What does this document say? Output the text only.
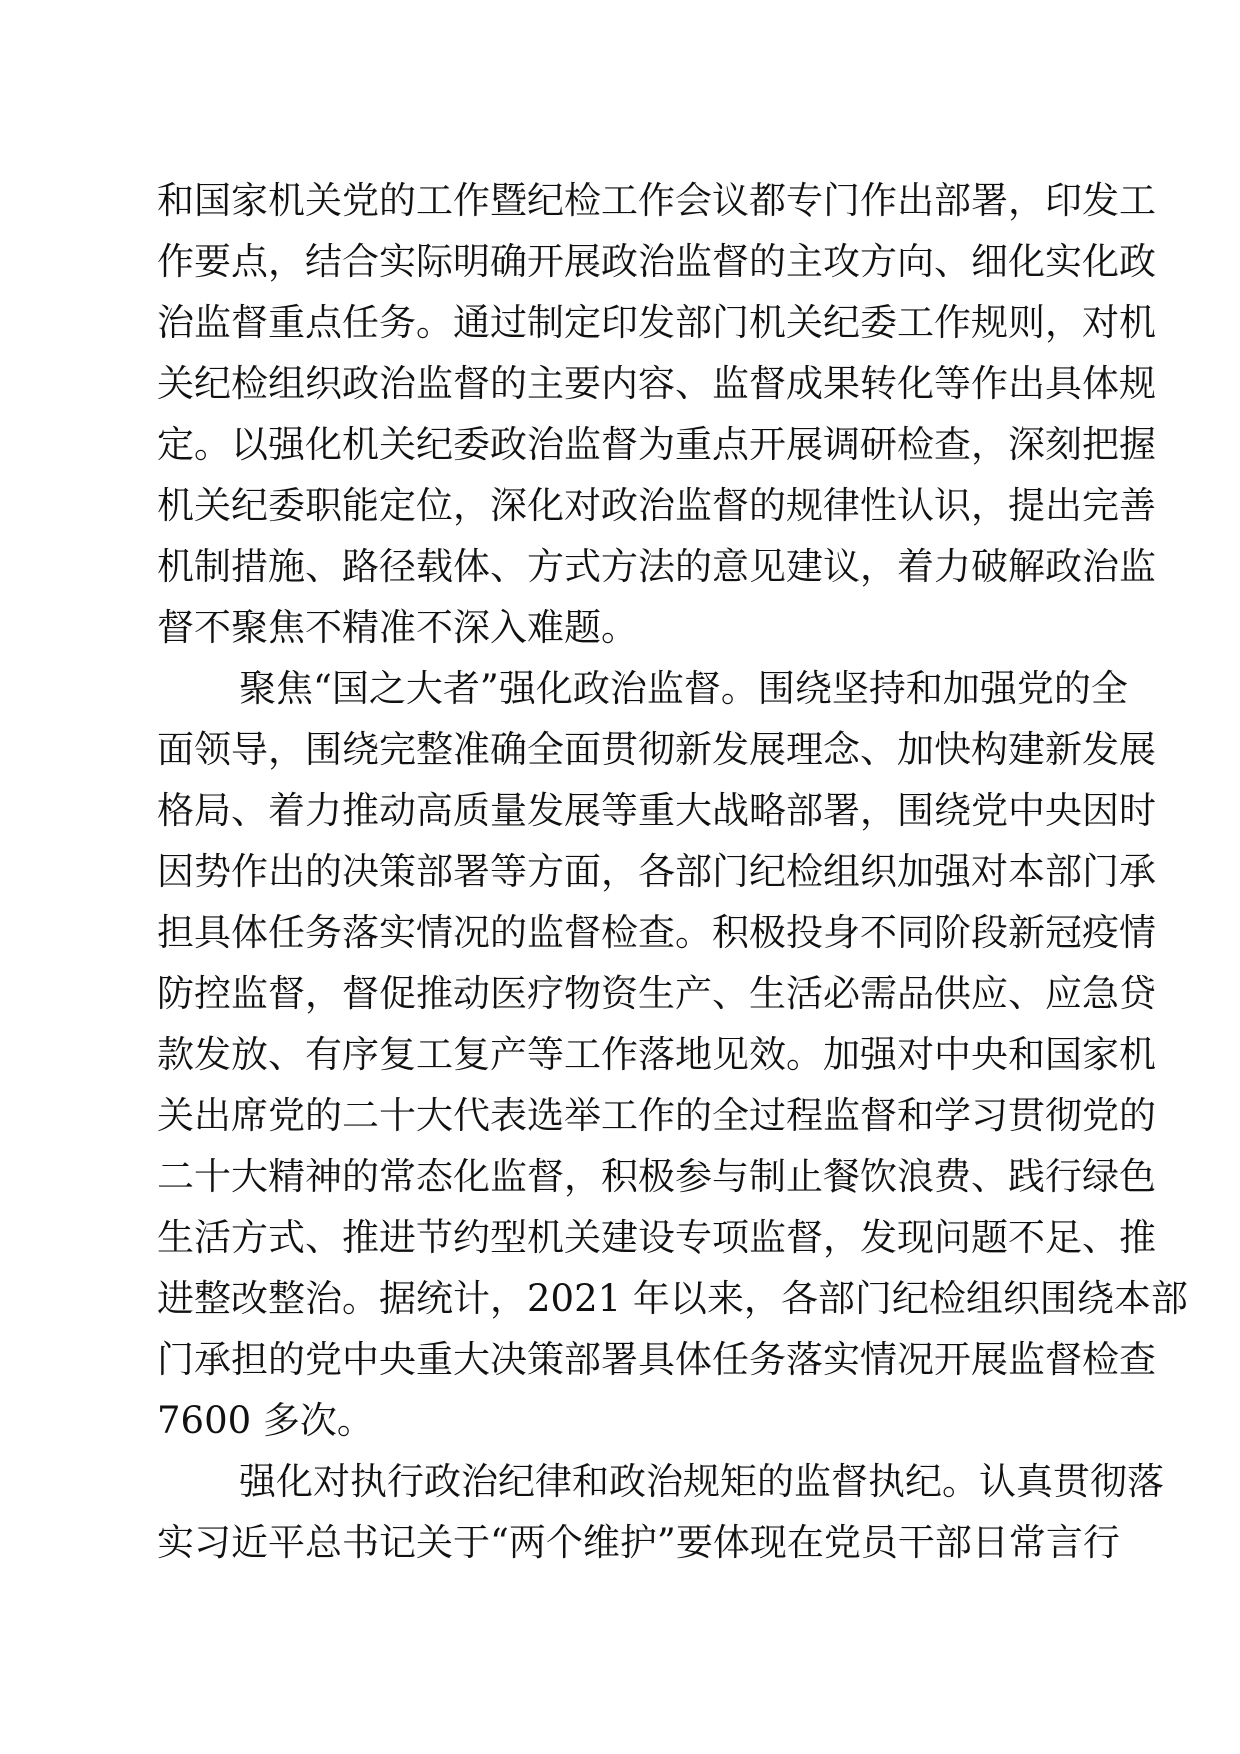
和国家机关党的工作暨纪检工作会议都专门作出部署，印发工
作要点，结合实际明确开展政治监督的主攻方向、细化实化政
治监督重点任务。通过制定印发部门机关纪委工作规则，对机
关纪检组织政治监督的主要内容、监督成果转化等作出具体规
定。以强化机关纪委政治监督为重点开展调研检查，深刻把握
机关纪委职能定位，深化对政治监督的规律性认识，提出完善
机制措施、路径载体、方式方法的意见建议，着力破解政治监
督不聚焦不精准不深入难题。
聚焦“国之大者”强化政治监督。围绕坚持和加强党的全
面领导，围绕完整准确全面贯彻新发展理念、加快构建新发展
格局、着力推动高质量发展等重大战略部署，围绕党中央因时
因势作出的决策部署等方面，各部门纪检组织加强对本部门承
担具体任务落实情况的监督检查。积极投身不同阶段新冠疫情
防控监督，督促推动医疗物资生产、生活必需品供应、应急贷
款发放、有序复工复产等工作落地见效。加强对中央和国家机
关出席党的二十大代表选举工作的全过程监督和学习贯彻党的
二十大精神的常态化监督，积极参与制止餐饮浪费、践行绿色
生活方式、推进节约型机关建设专项监督，发现问题不足、推
进整改整治。据统计，2021 年以来，各部门纪检组织围绕本部
门承担的党中央重大决策部署具体任务落实情况开展监督检查
7600 多次。
强化对执行政治纪律和政治规矩的监督执纪。认真贯彻落
实习近平总书记关于“两个维护”要体现在党员干部日常言行
